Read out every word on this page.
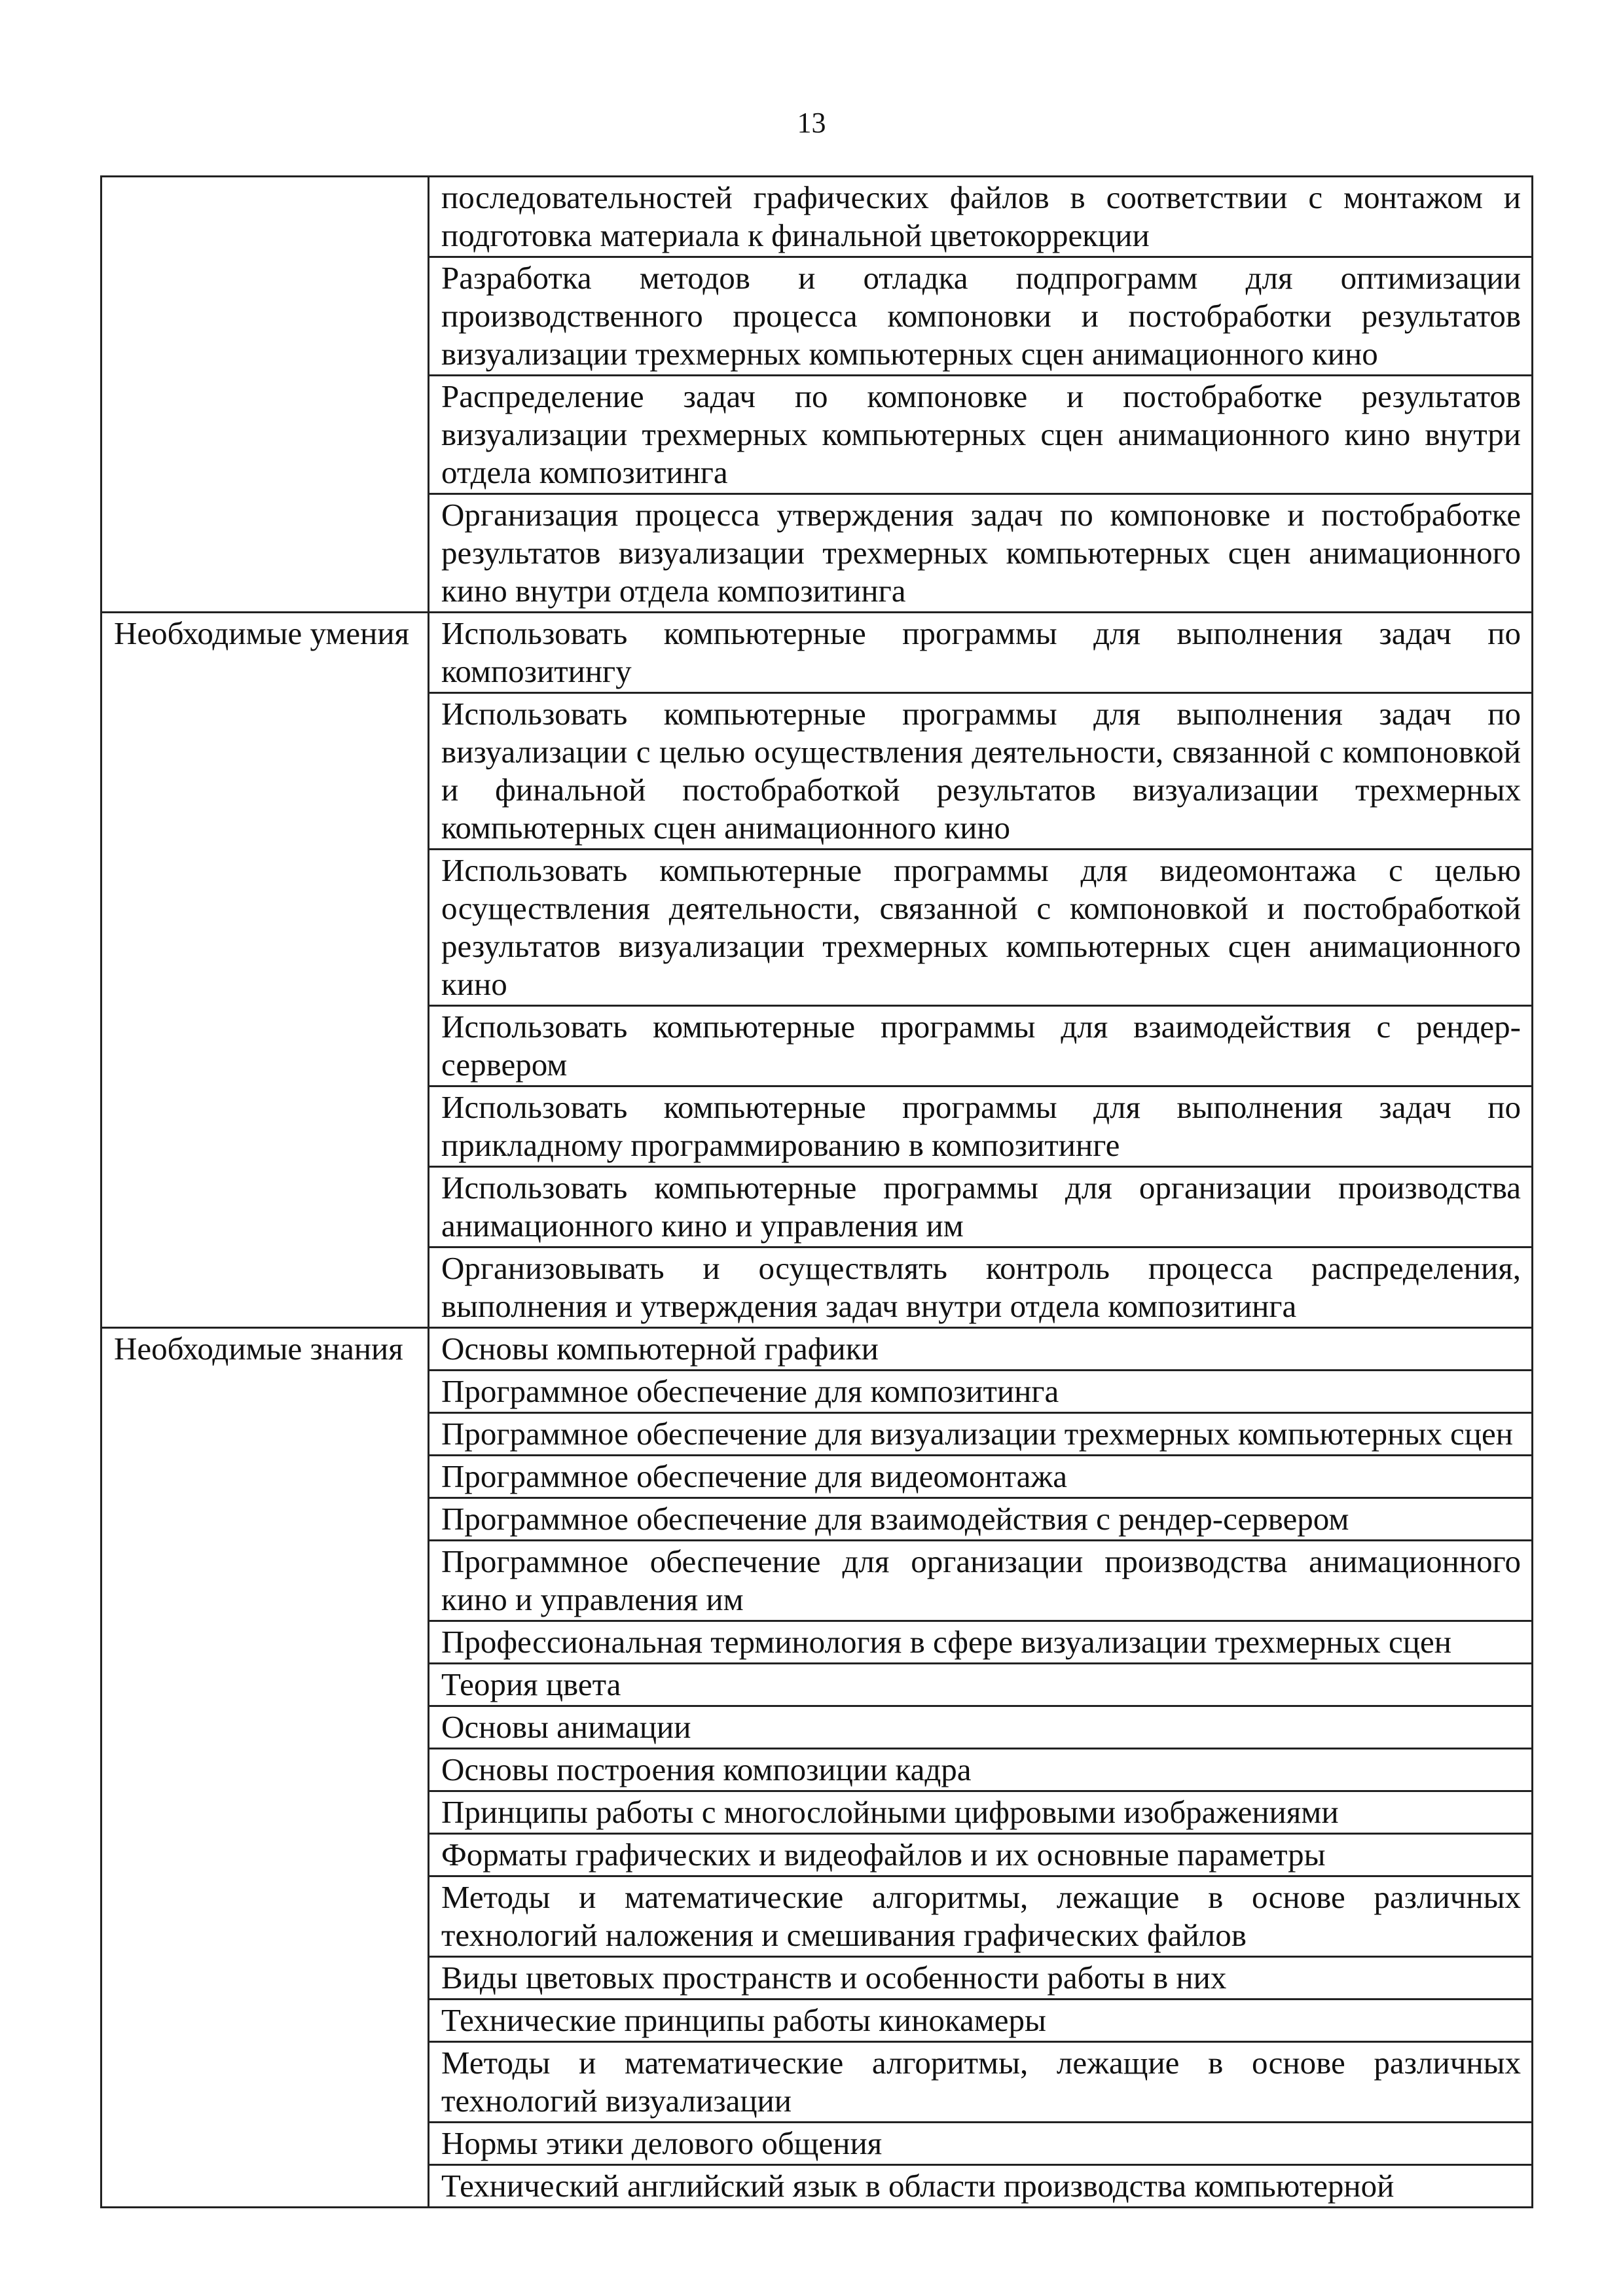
13
	последовательностей графических файлов в соответствии с монтажом и подготовка материала к финальной цветокоррекции
	Разработка методов и отладка подпрограмм для оптимизации производственного процесса компоновки и постобработки результатов визуализации трехмерных компьютерных сцен анимационного кино
	Распределение задач по компоновке и постобработке результатов визуализации трехмерных компьютерных сцен анимационного кино внутри отдела композитинга
	Организация процесса утверждения задач по компоновке и постобработке результатов визуализации трехмерных компьютерных сцен анимационного кино внутри отдела композитинга
Необходимые умения	Использовать компьютерные программы для выполнения задач по композитингу
	Использовать компьютерные программы для выполнения задач по визуализации с целью осуществления деятельности, связанной с компоновкой и финальной постобработкой результатов визуализации трехмерных компьютерных сцен анимационного кино
	Использовать компьютерные программы для видеомонтажа с целью осуществления деятельности, связанной с компоновкой и постобработкой результатов визуализации трехмерных компьютерных сцен анимационного кино
	Использовать компьютерные программы для взаимодействия с рендер-сервером
	Использовать компьютерные программы для выполнения задач по прикладному программированию в композитинге
	Использовать компьютерные программы для организации производства анимационного кино и управления им
	Организовывать и осуществлять контроль процесса распределения, выполнения и утверждения задач внутри отдела композитинга
Необходимые знания	Основы компьютерной графики
	Программное обеспечение для композитинга
	Программное обеспечение для визуализации трехмерных компьютерных сцен
	Программное обеспечение для видеомонтажа
	Программное обеспечение для взаимодействия с рендер-сервером
	Программное обеспечение для организации производства анимационного кино и управления им
	Профессиональная терминология в сфере визуализации трехмерных сцен
	Теория цвета
	Основы анимации
	Основы построения композиции кадра
	Принципы работы с многослойными цифровыми изображениями
	Форматы графических и видеофайлов и их основные параметры
	Методы и математические алгоритмы, лежащие в основе различных технологий наложения и смешивания графических файлов
	Виды цветовых пространств и особенности работы в них
	Технические принципы работы кинокамеры
	Методы и математические алгоритмы, лежащие в основе различных технологий визуализации
	Нормы этики делового общения
	Технический английский язык в области производства компьютерной
